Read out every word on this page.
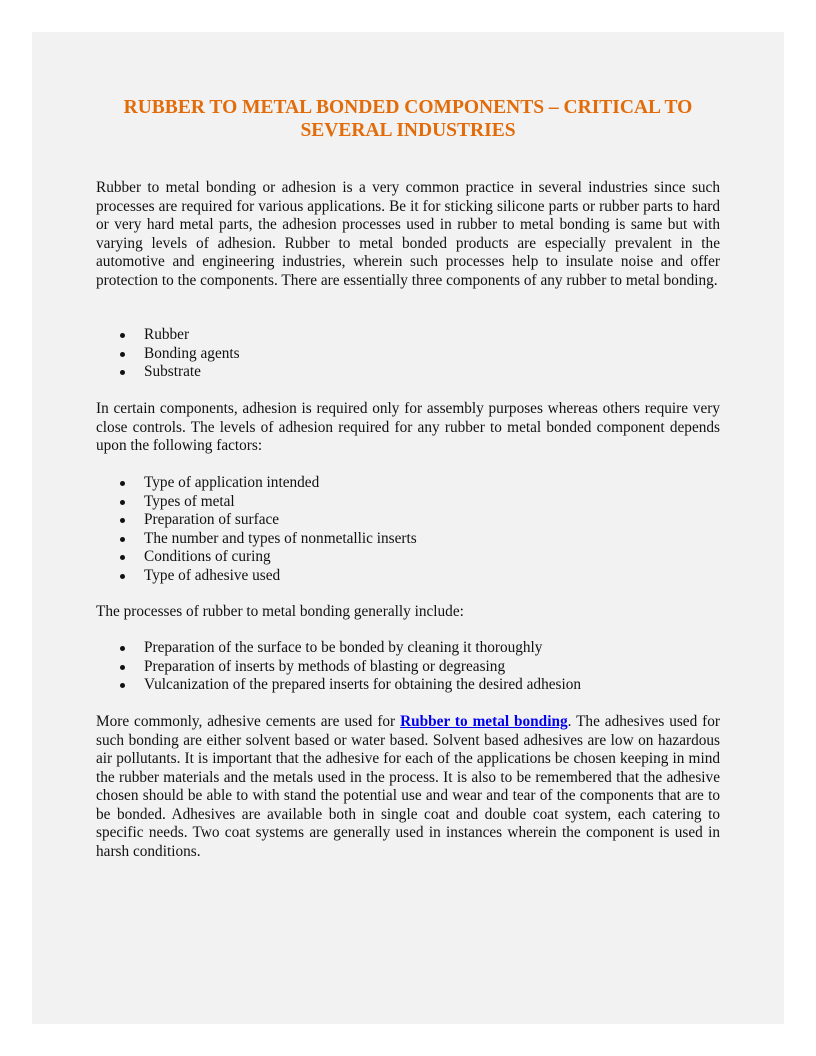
RUBBER TO METAL BONDED COMPONENTS – CRITICAL TO SEVERAL INDUSTRIES

Rubber to metal bonding or adhesion is a very common practice in several industries since such processes are required for various applications. Be it for sticking silicone parts or rubber parts to hard or very hard metal parts, the adhesion processes used in rubber to metal bonding is same but with varying levels of adhesion. Rubber to metal bonded products are especially prevalent in the automotive and engineering industries, wherein such processes help to insulate noise and offer protection to the components. There are essentially three components of any rubber to metal bonding.

Rubber
Bonding agents
Substrate

In certain components, adhesion is required only for assembly purposes whereas others require very close controls. The levels of adhesion required for any rubber to metal bonded component depends upon the following factors:

Type of application intended
Types of metal
Preparation of surface
The number and types of nonmetallic inserts
Conditions of curing
Type of adhesive used

The processes of rubber to metal bonding generally include:

Preparation of the surface to be bonded by cleaning it thoroughly
Preparation of inserts by methods of blasting or degreasing
Vulcanization of the prepared inserts for obtaining the desired adhesion

More commonly, adhesive cements are used for Rubber to metal bonding. The adhesives used for such bonding are either solvent based or water based. Solvent based adhesives are low on hazardous air pollutants. It is important that the adhesive for each of the applications be chosen keeping in mind the rubber materials and the metals used in the process. It is also to be remembered that the adhesive chosen should be able to with stand the potential use and wear and tear of the components that are to be bonded. Adhesives are available both in single coat and double coat system, each catering to specific needs. Two coat systems are generally used in instances wherein the component is used in harsh conditions.
